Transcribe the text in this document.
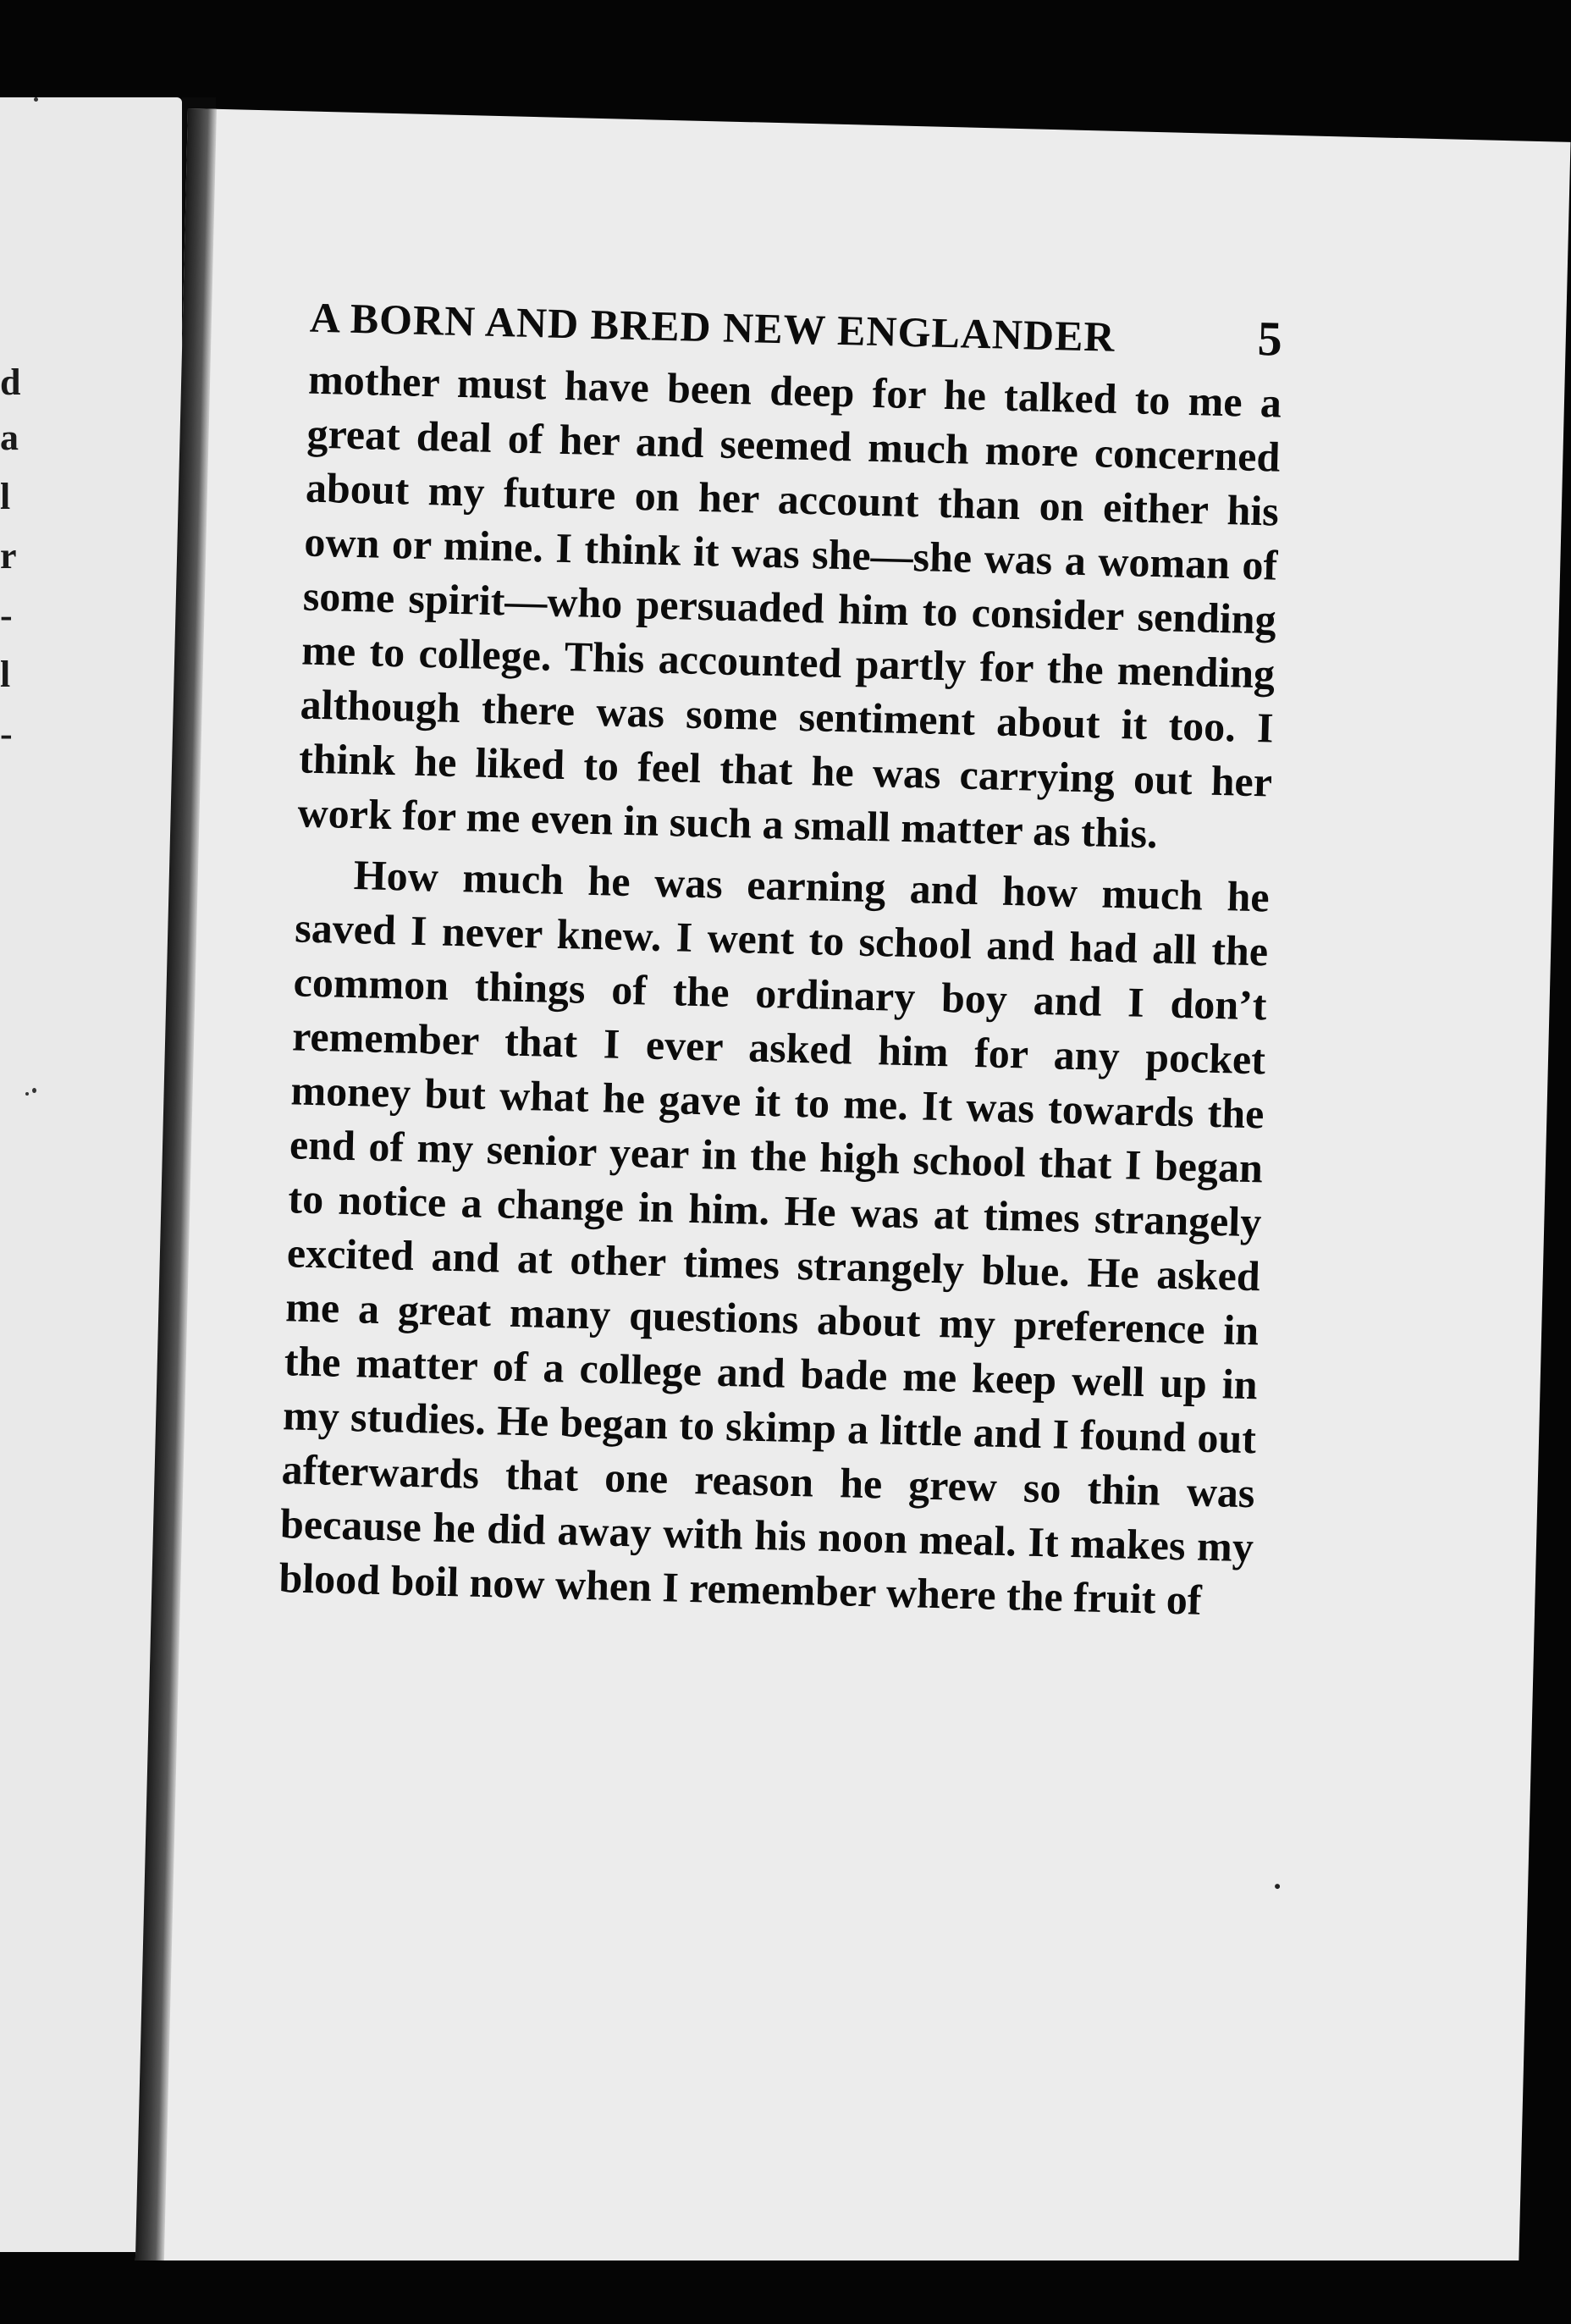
d
a
l
r
-
l
-
A BORN AND BRED NEW ENGLANDER	5

mother must have been deep for he talked to me a great deal of her and seemed much more concerned about my future on her account than on either his own or mine. I think it was she—she was a woman of some spirit—who persuaded him to consider sending me to college. This accounted partly for the mending although there was some sentiment about it too. I think he liked to feel that he was carrying out her work for me even in such a small matter as this.

How much he was earning and how much he saved I never knew. I went to school and had all the common things of the ordinary boy and I don’t remember that I ever asked him for any pocket money but what he gave it to me. It was towards the end of my senior year in the high school that I began to notice a change in him. He was at times strangely excited and at other times strangely blue. He asked me a great many questions about my preference in the matter of a college and bade me keep well up in my studies. He began to skimp a little and I found out afterwards that one reason he grew so thin was because he did away with his noon meal. It makes my blood boil now when I remember where the fruit of
